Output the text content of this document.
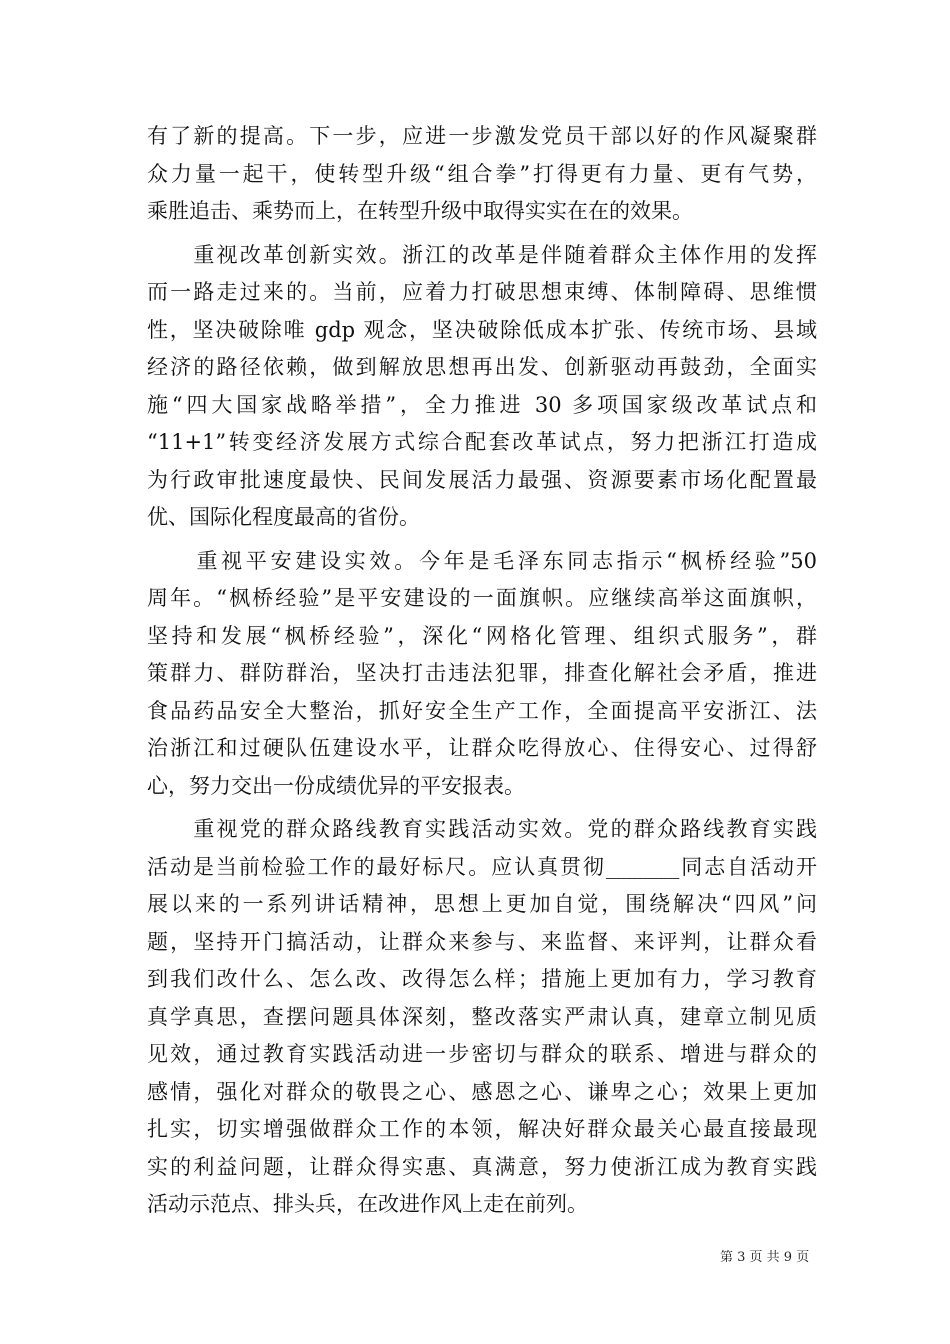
有了新的提高。下一步，应进一步激发党员干部以好的作风凝聚群
众力量一起干，使转型升级“组合拳”打得更有力量、更有气势，
乘胜追击、乘势而上，在转型升级中取得实实在在的效果。
　　重视改革创新实效。浙江的改革是伴随着群众主体作用的发挥
而一路走过来的。当前，应着力打破思想束缚、体制障碍、思维惯
性，坚决破除唯 gdp 观念，坚决破除低成本扩张、传统市场、县域
经济的路径依赖，做到解放思想再出发、创新驱动再鼓劲，全面实
施“四大国家战略举措”，全力推进 30 多项国家级改革试点和
“11+1”转变经济发展方式综合配套改革试点，努力把浙江打造成
为行政审批速度最快、民间发展活力最强、资源要素市场化配置最
优、国际化程度最高的省份。
　　重视平安建设实效。今年是毛泽东同志指示“枫桥经验”50
周年。“枫桥经验”是平安建设的一面旗帜。应继续高举这面旗帜，
坚持和发展“枫桥经验”，深化“网格化管理、组织式服务”，群
策群力、群防群治，坚决打击违法犯罪，排查化解社会矛盾，推进
食品药品安全大整治，抓好安全生产工作，全面提高平安浙江、法
治浙江和过硬队伍建设水平，让群众吃得放心、住得安心、过得舒
心，努力交出一份成绩优异的平安报表。
　　重视党的群众路线教育实践活动实效。党的群众路线教育实践
活动是当前检验工作的最好标尺。应认真贯彻_______同志自活动开
展以来的一系列讲话精神，思想上更加自觉，围绕解决“四风”问
题，坚持开门搞活动，让群众来参与、来监督、来评判，让群众看
到我们改什么、怎么改、改得怎么样；措施上更加有力，学习教育
真学真思，查摆问题具体深刻，整改落实严肃认真，建章立制见质
见效，通过教育实践活动进一步密切与群众的联系、增进与群众的
感情，强化对群众的敬畏之心、感恩之心、谦卑之心；效果上更加
扎实，切实增强做群众工作的本领，解决好群众最关心最直接最现
实的利益问题，让群众得实惠、真满意，努力使浙江成为教育实践
活动示范点、排头兵，在改进作风上走在前列。
第 3 页 共 9 页
